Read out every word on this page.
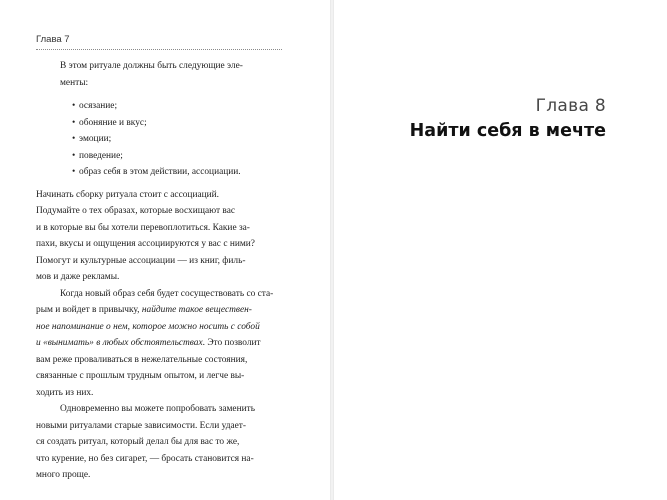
Глава 7

В этом ритуале должны быть следующие эле-
менты:

• осязание;
• обоняние и вкус;
• эмоции;
• поведение;
• образ себя в этом действии, ассоциации.

Начинать сборку ритуала стоит с ассоциаций.
Подумайте о тех образах, которые восхищают вас
и в которые вы бы хотели перевоплотиться. Какие за-
пахи, вкусы и ощущения ассоциируются у вас с ними?
Помогут и культурные ассоциации — из книг, филь-
мов и даже рекламы.

Когда новый образ себя будет сосуществовать со ста-
рым и войдет в привычку, найдите такое веществен-
ное напоминание о нем, которое можно носить с собой
и «вынимать» в любых обстоятельствах. Это позволит
вам реже проваливаться в нежелательные состояния,
связанные с прошлым трудным опытом, и легче вы-
ходить из них.

Одновременно вы можете попробовать заменить
новыми ритуалами старые зависимости. Если удает-
ся создать ритуал, который делал бы для вас то же,
что курение, но без сигарет, — бросать становится на-
много проще.

Глава 8
Найти себя в мечте
